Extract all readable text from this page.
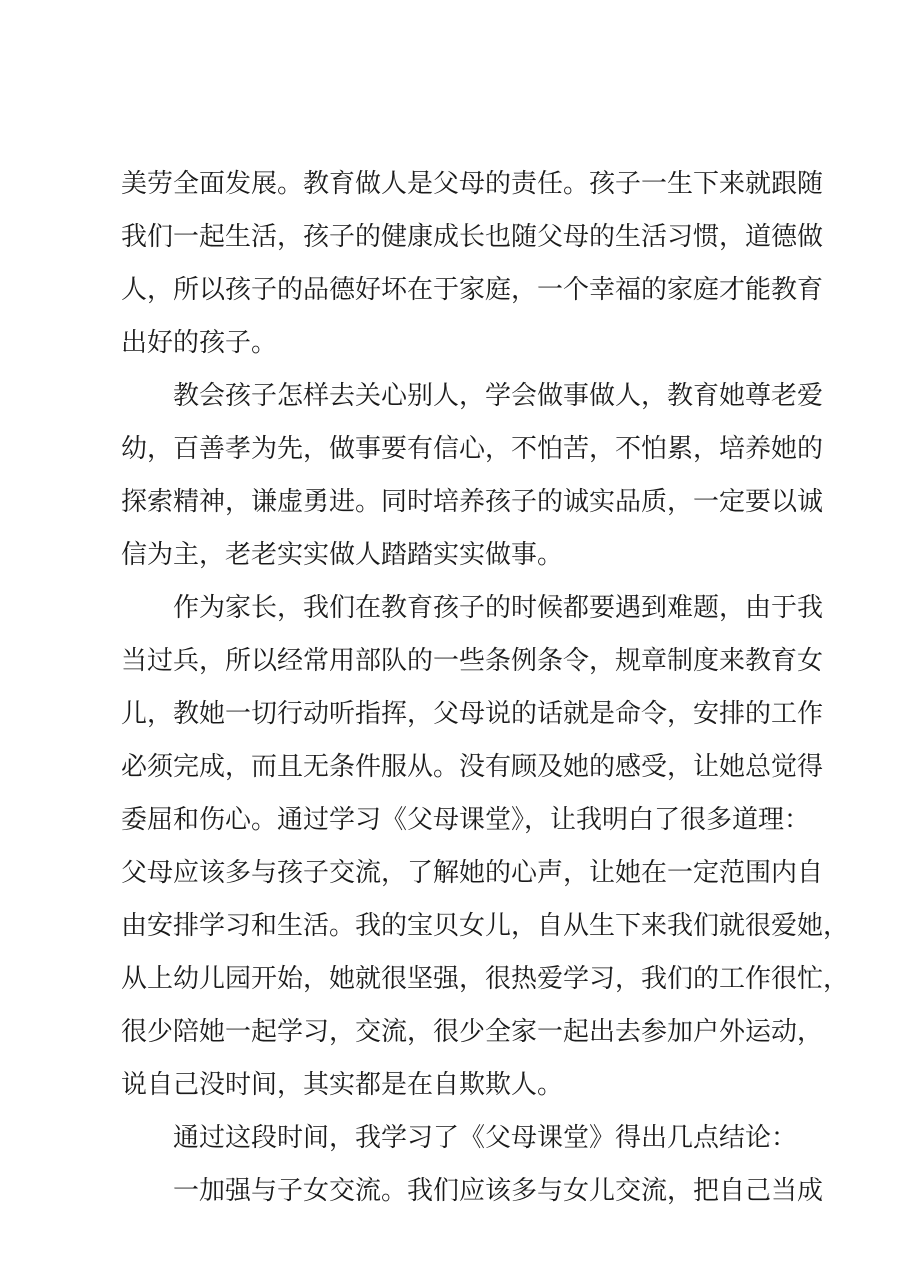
美劳全面发展。教育做人是父母的责任。孩子一生下来就跟随
我们一起生活，孩子的健康成长也随父母的生活习惯，道德做
人，所以孩子的品德好坏在于家庭，一个幸福的家庭才能教育
出好的孩子。
教会孩子怎样去关心别人，学会做事做人，教育她尊老爱
幼，百善孝为先，做事要有信心，不怕苦，不怕累，培养她的
探索精神，谦虚勇进。同时培养孩子的诚实品质，一定要以诚
信为主，老老实实做人踏踏实实做事。
作为家长，我们在教育孩子的时候都要遇到难题，由于我
当过兵，所以经常用部队的一些条例条令，规章制度来教育女
儿，教她一切行动听指挥，父母说的话就是命令，安排的工作
必须完成，而且无条件服从。没有顾及她的感受，让她总觉得
委屈和伤心。通过学习《父母课堂》，让我明白了很多道理：
父母应该多与孩子交流，了解她的心声，让她在一定范围内自
由安排学习和生活。我的宝贝女儿，自从生下来我们就很爱她，
从上幼儿园开始，她就很坚强，很热爱学习，我们的工作很忙，
很少陪她一起学习，交流，很少全家一起出去参加户外运动，
说自己没时间，其实都是在自欺欺人。
通过这段时间，我学习了《父母课堂》得出几点结论：
一加强与子女交流。我们应该多与女儿交流，把自己当成
